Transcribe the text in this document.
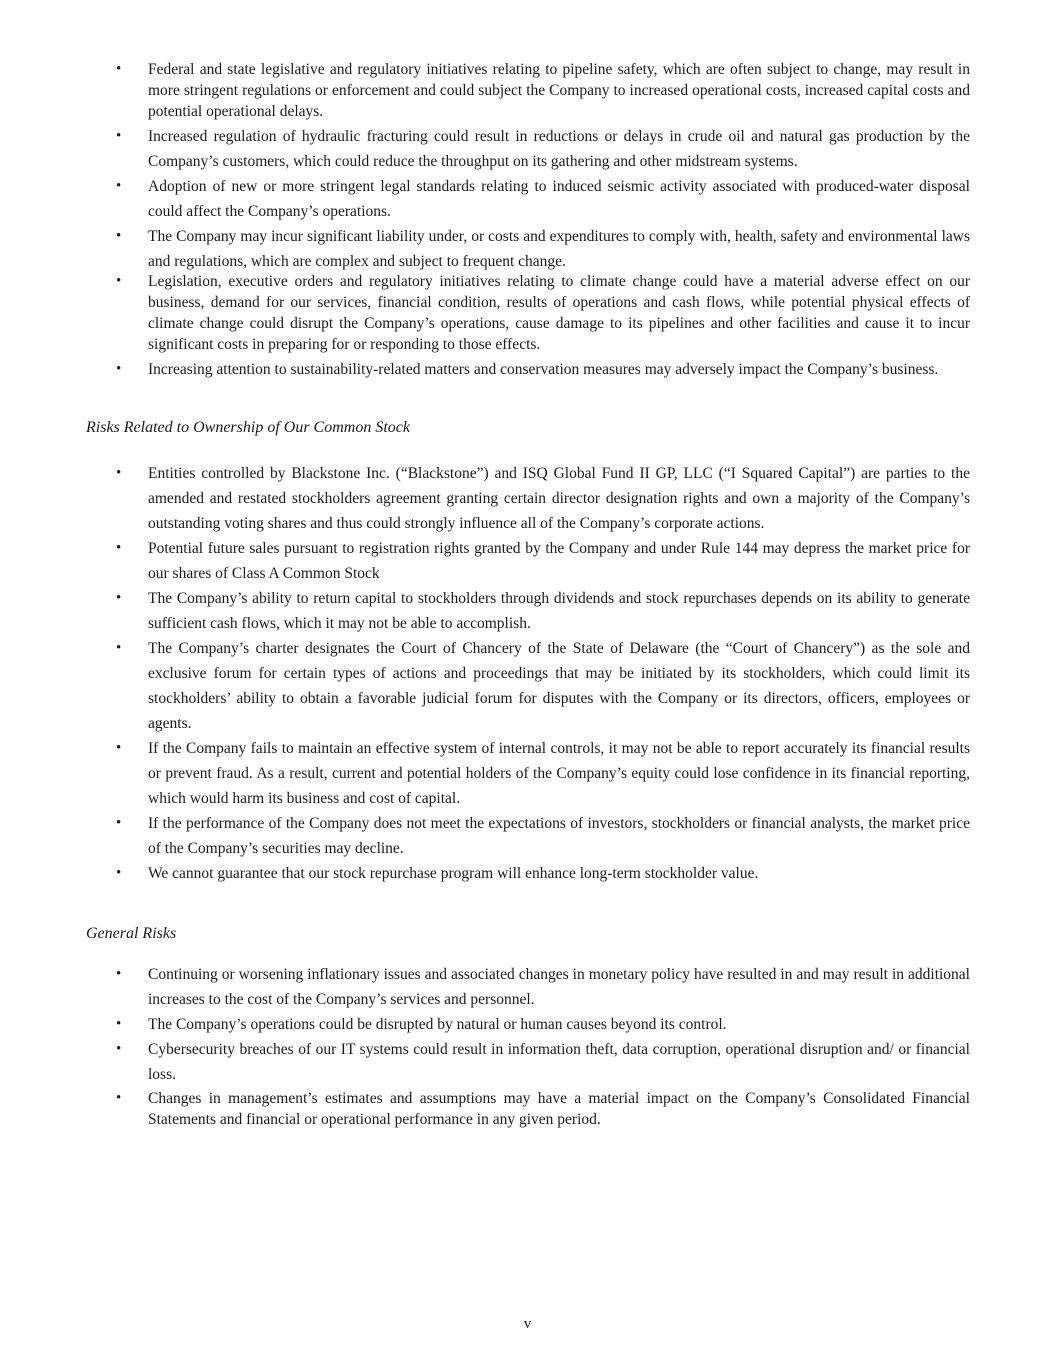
• Federal and state legislative and regulatory initiatives relating to pipeline safety, which are often subject to change, may result in more stringent regulations or enforcement and could subject the Company to increased operational costs, increased capital costs and potential operational delays.
• Increased regulation of hydraulic fracturing could result in reductions or delays in crude oil and natural gas production by the Company’s customers, which could reduce the throughput on its gathering and other midstream systems.
• Adoption of new or more stringent legal standards relating to induced seismic activity associated with produced-water disposal could affect the Company’s operations.
• The Company may incur significant liability under, or costs and expenditures to comply with, health, safety and environmental laws and regulations, which are complex and subject to frequent change.
• Legislation, executive orders and regulatory initiatives relating to climate change could have a material adverse effect on our business, demand for our services, financial condition, results of operations and cash flows, while potential physical effects of climate change could disrupt the Company’s operations, cause damage to its pipelines and other facilities and cause it to incur significant costs in preparing for or responding to those effects.
• Increasing attention to sustainability-related matters and conservation measures may adversely impact the Company’s business.
Risks Related to Ownership of Our Common Stock
• Entities controlled by Blackstone Inc. (“Blackstone”) and ISQ Global Fund II GP, LLC (“I Squared Capital”) are parties to the amended and restated stockholders agreement granting certain director designation rights and own a majority of the Company’s outstanding voting shares and thus could strongly influence all of the Company’s corporate actions.
• Potential future sales pursuant to registration rights granted by the Company and under Rule 144 may depress the market price for our shares of Class A Common Stock
• The Company’s ability to return capital to stockholders through dividends and stock repurchases depends on its ability to generate sufficient cash flows, which it may not be able to accomplish.
• The Company’s charter designates the Court of Chancery of the State of Delaware (the “Court of Chancery”) as the sole and exclusive forum for certain types of actions and proceedings that may be initiated by its stockholders, which could limit its stockholders’ ability to obtain a favorable judicial forum for disputes with the Company or its directors, officers, employees or agents.
• If the Company fails to maintain an effective system of internal controls, it may not be able to report accurately its financial results or prevent fraud. As a result, current and potential holders of the Company’s equity could lose confidence in its financial reporting, which would harm its business and cost of capital.
• If the performance of the Company does not meet the expectations of investors, stockholders or financial analysts, the market price of the Company’s securities may decline.
• We cannot guarantee that our stock repurchase program will enhance long-term stockholder value.
General Risks
• Continuing or worsening inflationary issues and associated changes in monetary policy have resulted in and may result in additional increases to the cost of the Company’s services and personnel.
• The Company’s operations could be disrupted by natural or human causes beyond its control.
• Cybersecurity breaches of our IT systems could result in information theft, data corruption, operational disruption and/ or financial loss.
• Changes in management’s estimates and assumptions may have a material impact on the Company’s Consolidated Financial Statements and financial or operational performance in any given period.
v
